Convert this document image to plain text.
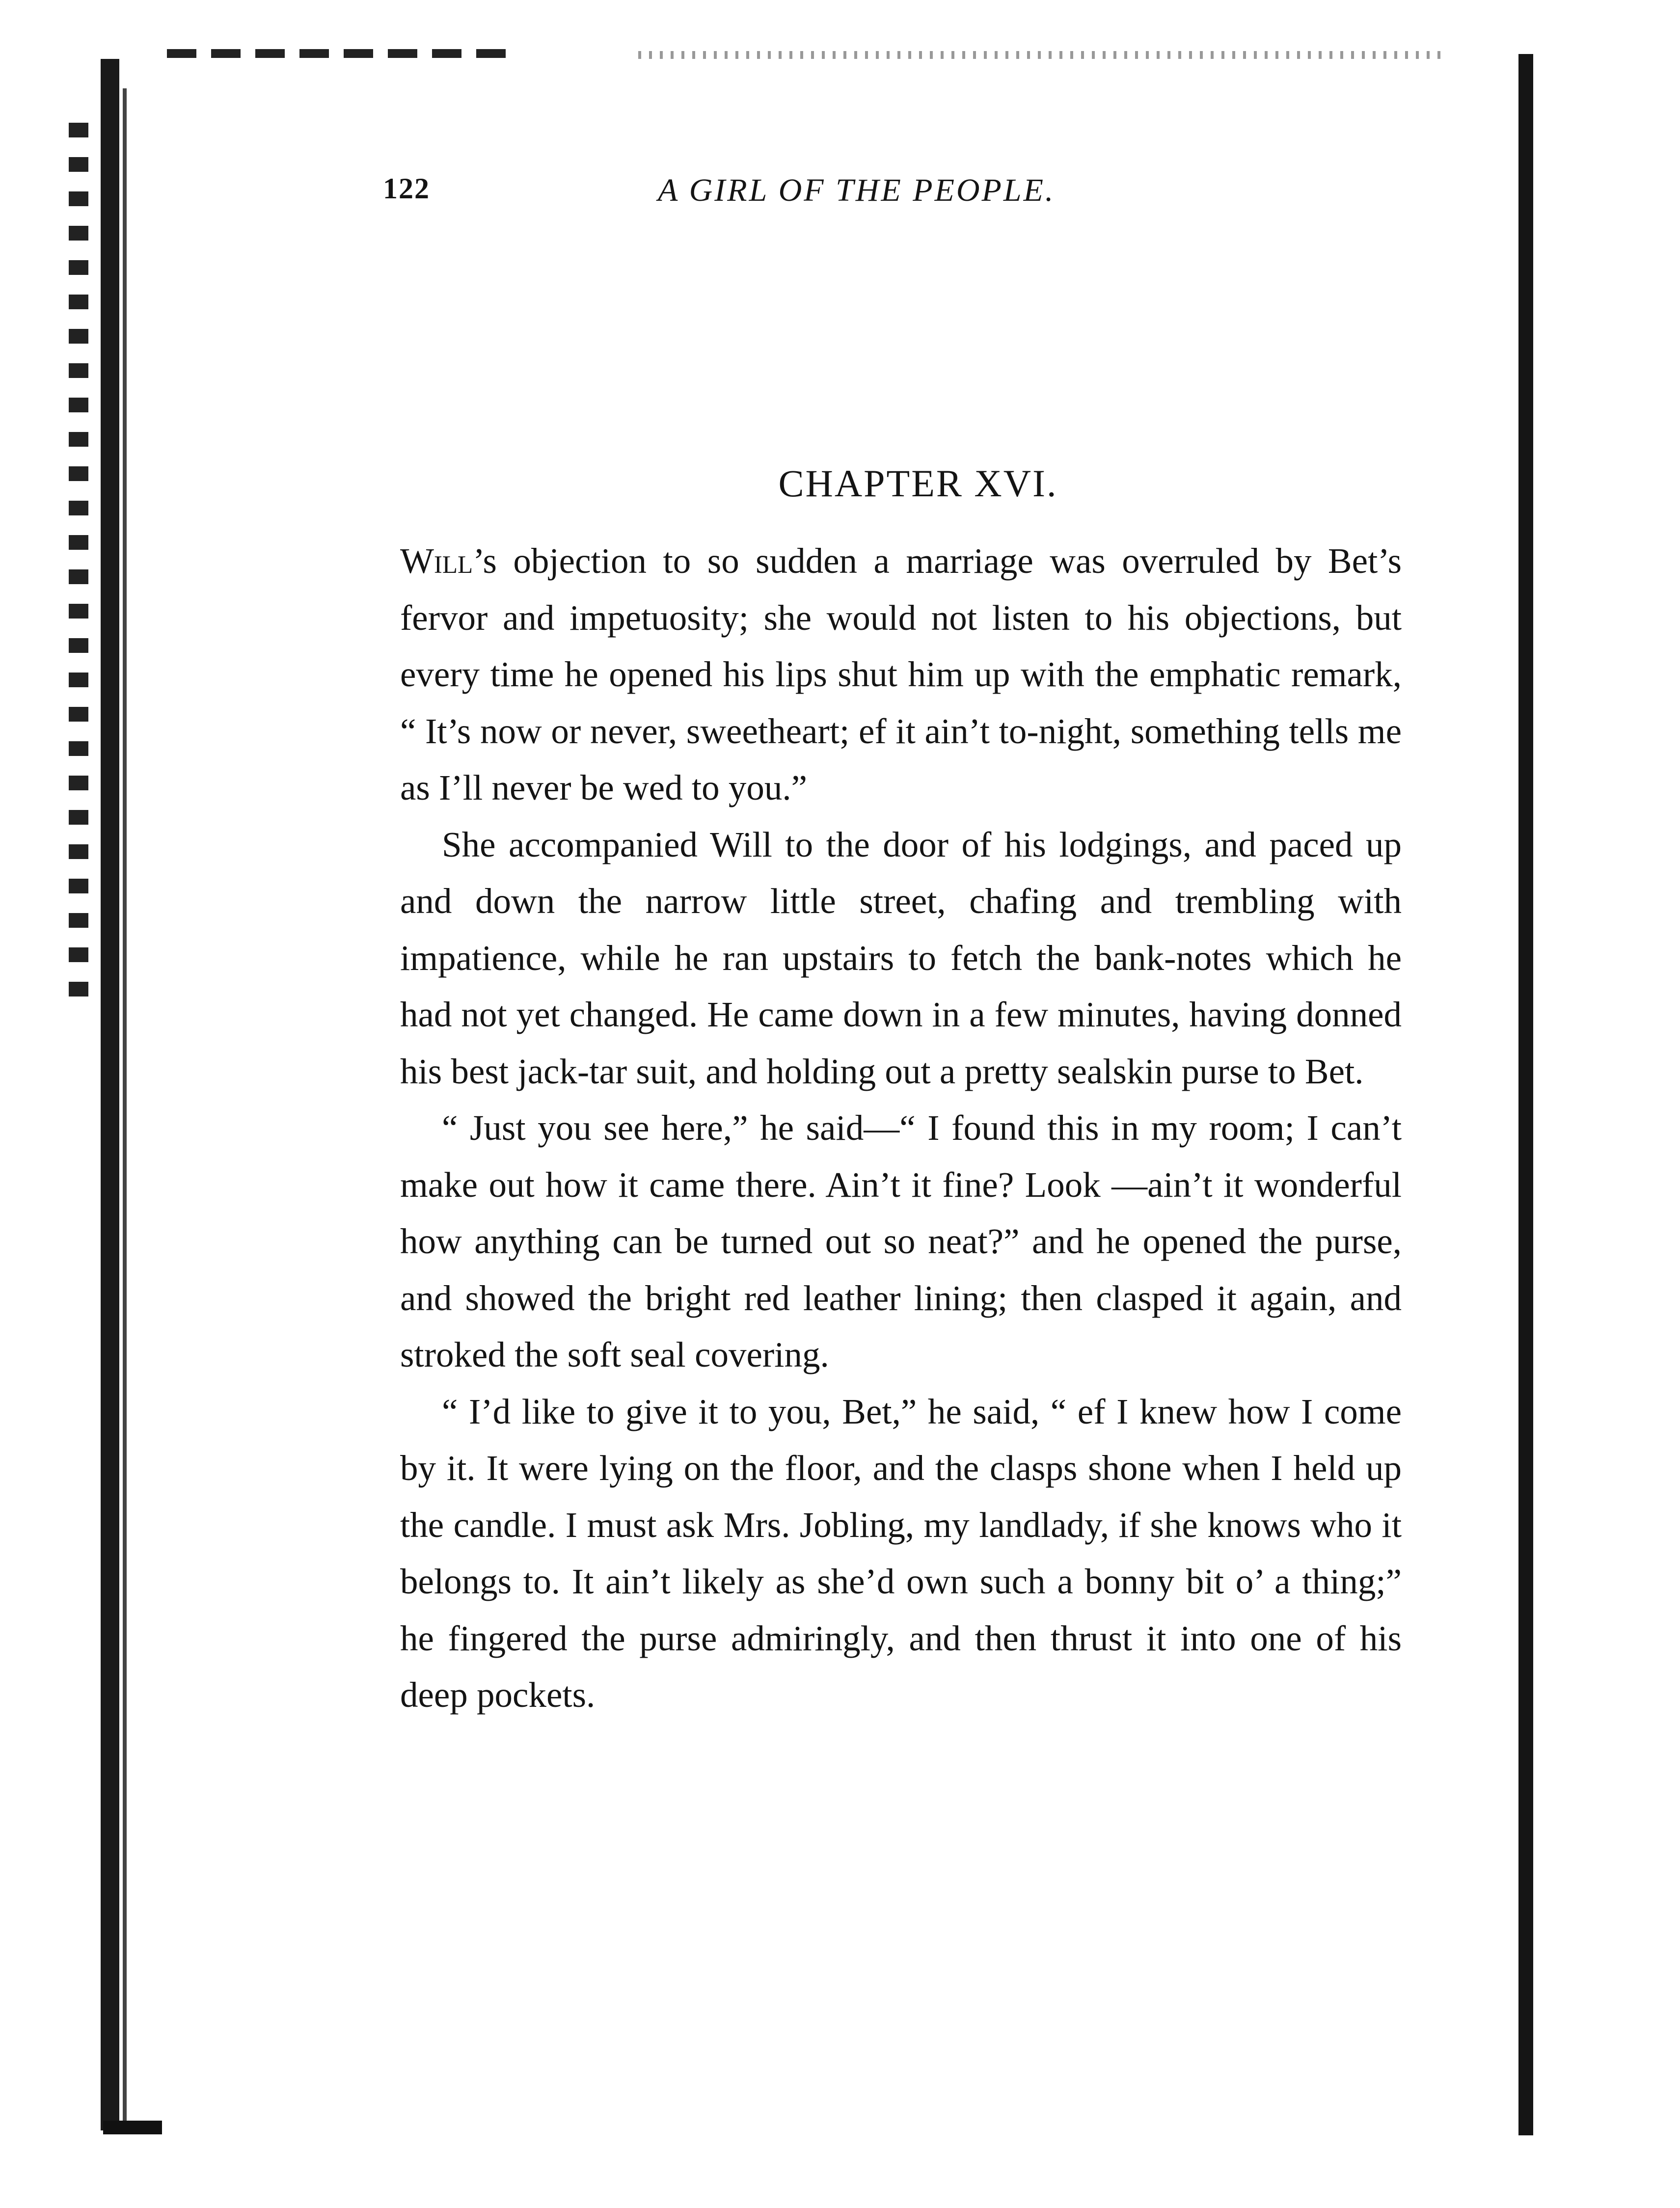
122	A GIRL OF THE PEOPLE.
CHAPTER XVI.

Will’s objection to so sudden a marriage was overruled by Bet’s fervor and impetuosity; she would not listen to his objections, but every time he opened his lips shut him up with the emphatic remark, “ It’s now or never, sweetheart; ef it ain’t to-night, something tells me as I’ll never be wed to you.”

She accompanied Will to the door of his lodgings, and paced up and down the narrow little street, chafing and trembling with impatience, while he ran upstairs to fetch the bank-notes which he had not yet changed. He came down in a few minutes, having donned his best jack-tar suit, and holding out a pretty sealskin purse to Bet.

“ Just you see here,” he said—“ I found this in my room; I can’t make out how it came there. Ain’t it fine? Look —ain’t it wonderful how anything can be turned out so neat?” and he opened the purse, and showed the bright red leather lining; then clasped it again, and stroked the soft seal covering.

“ I’d like to give it to you, Bet,” he said, “ ef I knew how I come by it. It were lying on the floor, and the clasps shone when I held up the candle. I must ask Mrs. Jobling, my landlady, if she knows who it belongs to. It ain’t likely as she’d own such a bonny bit o’ a thing;” he fingered the purse admiringly, and then thrust it into one of his deep pockets.
